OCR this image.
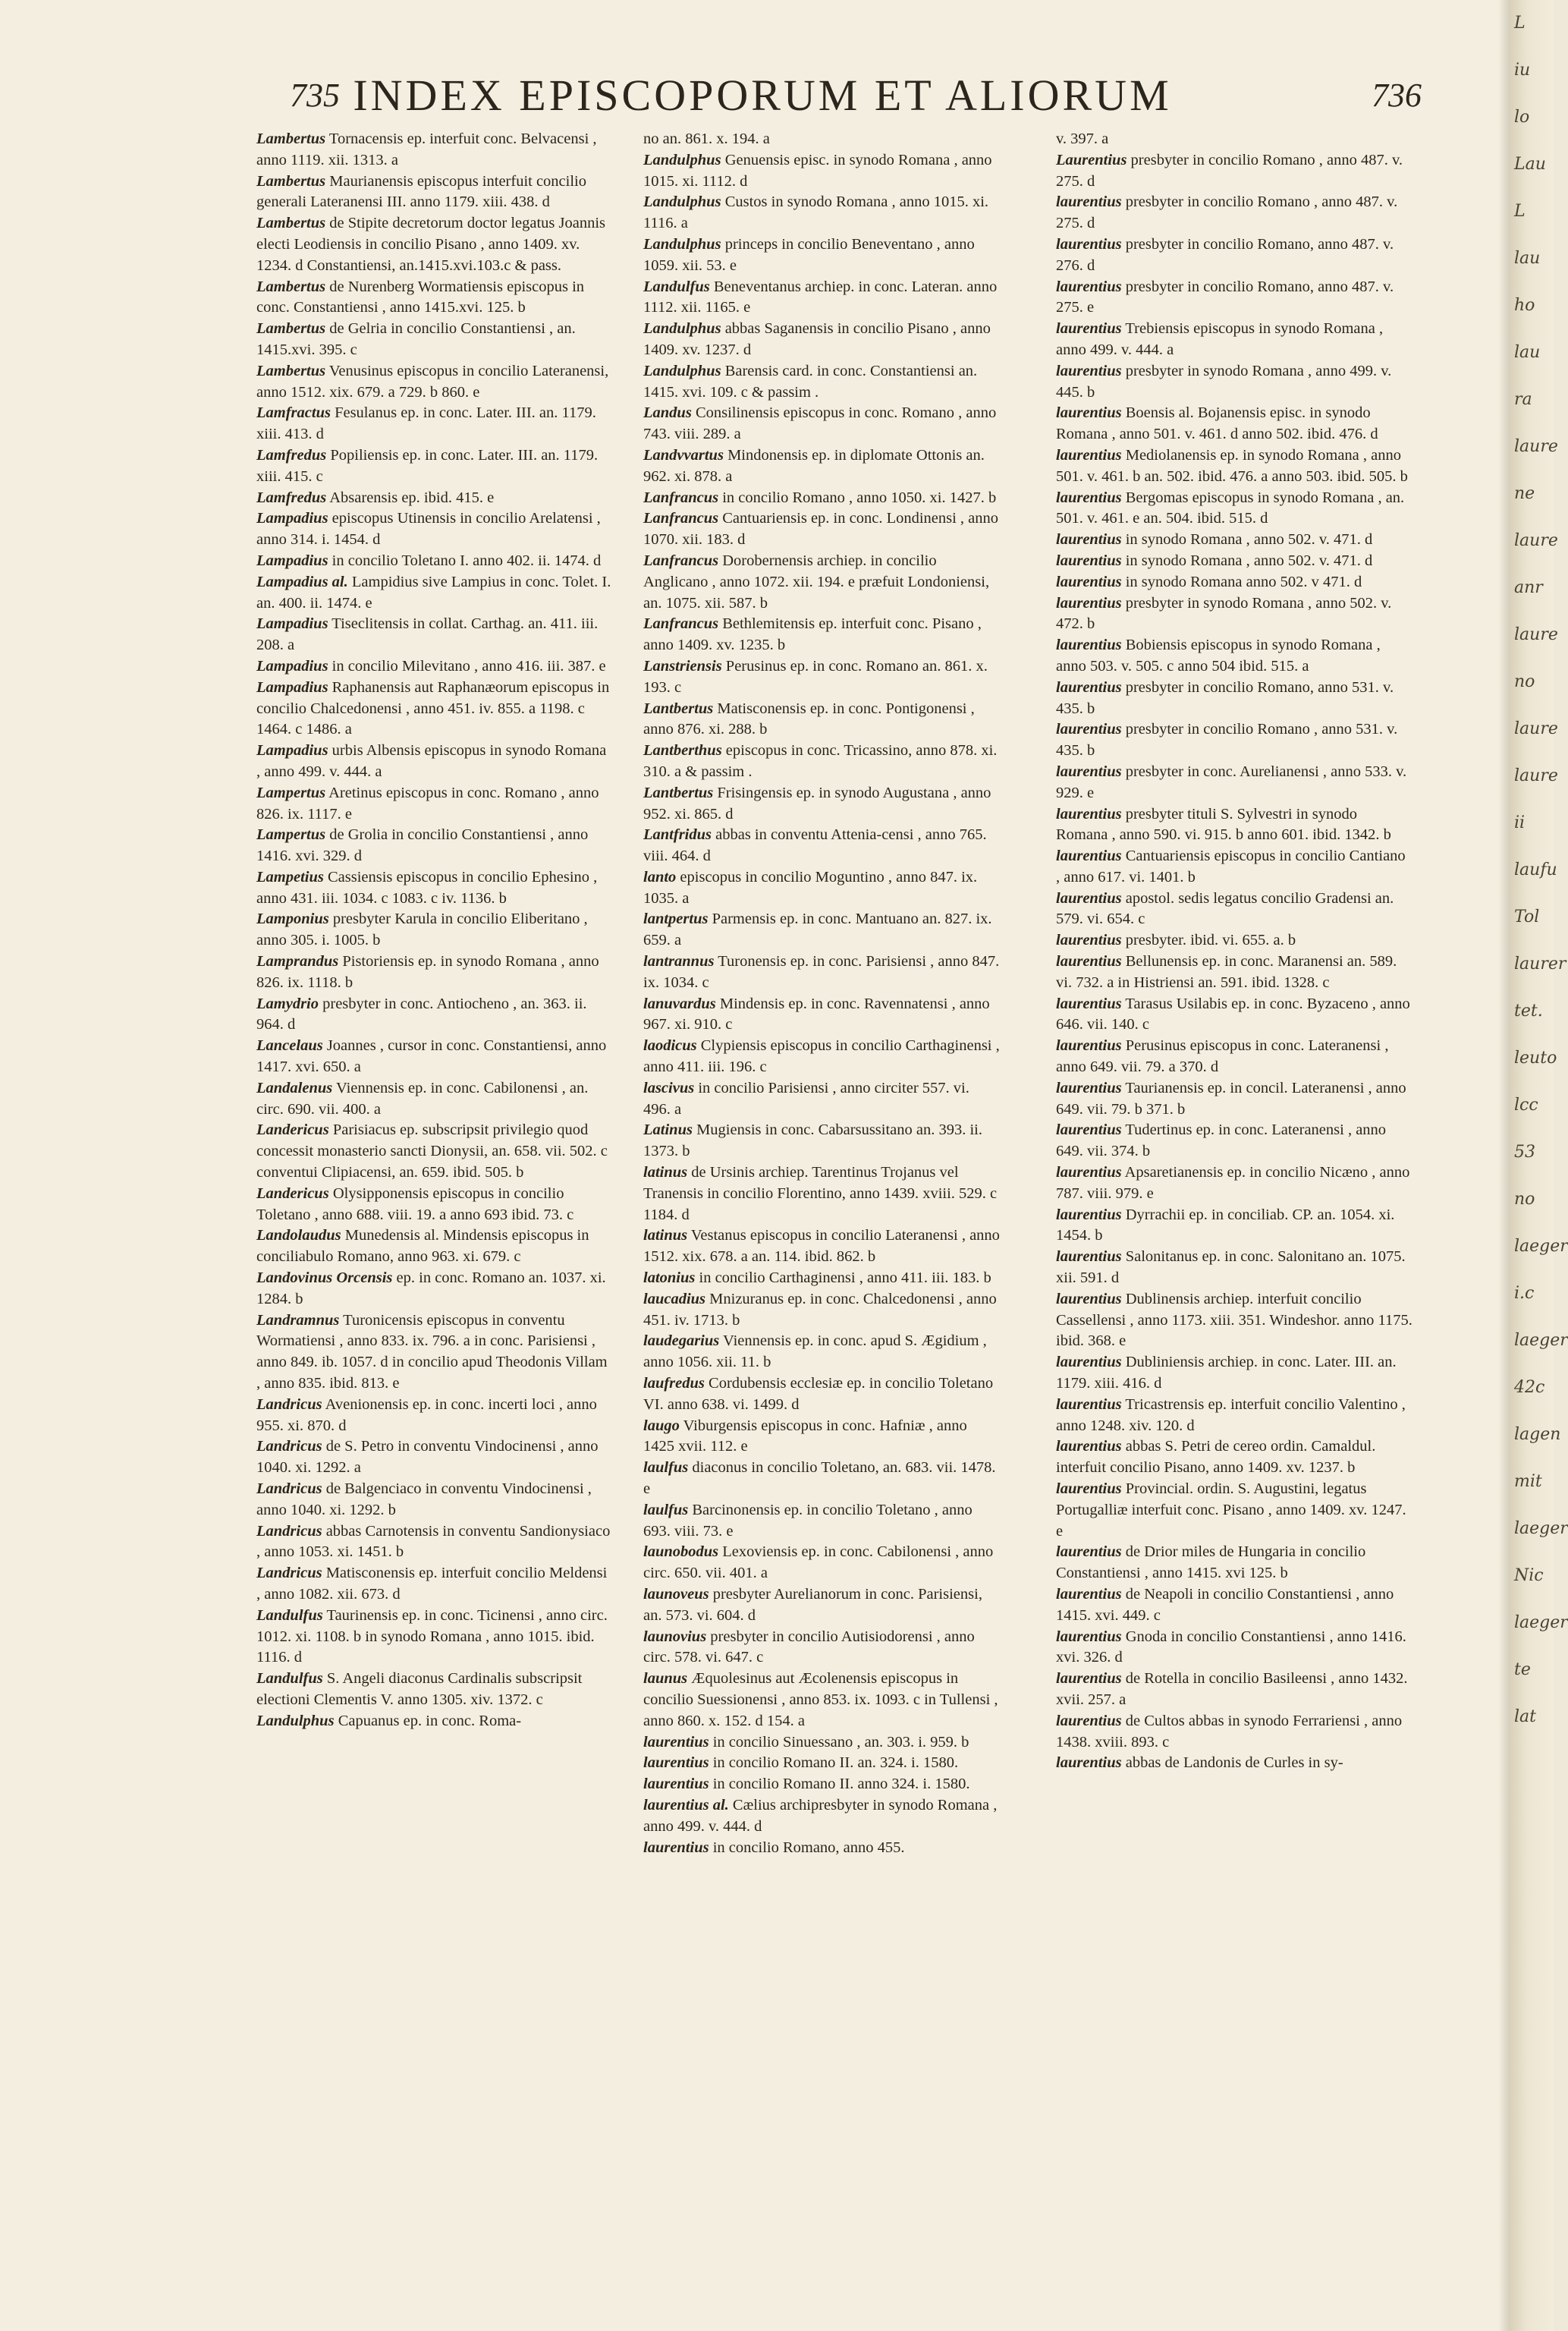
735 INDEX EPISCOPORUM ET ALIORUM	736

Lambertus Tornacensis ep. interfuit conc. Belvacensi , anno 1119. xii. 1313. a

Lambertus Maurianensis episcopus interfuit concilio generali Lateranensi III. anno 1179. xiii. 438. d

Lambertus de Stipite decretorum doctor legatus Joannis electi Leodiensis in concilio Pisano , anno 1409. xv. 1234. d Constantiensi, an.1415.xvi.103.c & pass.

Lambertus de Nurenberg Wormatiensis episcopus in conc. Constantiensi , anno 1415.xvi. 125. b

Lambertus de Gelria in concilio Constantiensi , an. 1415.xvi. 395. c

Lambertus Venusinus episcopus in concilio Lateranensi, anno 1512. xix. 679. a 729. b 860. e

Lamfractus Fesulanus ep. in conc. Later. III. an. 1179. xiii. 413. d

Lamfredus Popiliensis ep. in conc. Later. III. an. 1179. xiii. 415. c

Lamfredus Absarensis ep. ibid. 415. e

Lampadius episcopus Utinensis in concilio Arelatensi , anno 314. i. 1454. d

Lampadius in concilio Toletano I. anno 402. ii. 1474. d

Lampadius al. Lampidius sive Lampius in conc. Tolet. I. an. 400. ii. 1474. e

Lampadius Tiseclitensis in collat. Carthag. an. 411. iii. 208. a

Lampadius in concilio Milevitano , anno 416. iii. 387. e

Lampadius Raphanensis aut Raphanæorum episcopus in concilio Chalcedonensi , anno 451. iv. 855. a 1198. c 1464. c 1486. a

Lampadius urbis Albensis episcopus in synodo Romana , anno 499. v. 444. a

Lampertus Aretinus episcopus in conc. Romano , anno 826. ix. 1117. e

Lampertus de Grolia in concilio Constantiensi , anno 1416. xvi. 329. d

Lampetius Cassiensis episcopus in concilio Ephesino , anno 431. iii. 1034. c 1083. c iv. 1136. b

Lamponius presbyter Karula in concilio Eliberitano , anno 305. i. 1005. b

Lamprandus Pistoriensis ep. in synodo Romana , anno 826. ix. 1118. b

Lamydrio presbyter in conc. Antiocheno , an. 363. ii. 964. d

Lancelaus Joannes , cursor in conc. Constantiensi, anno 1417. xvi. 650. a

Landalenus Viennensis ep. in conc. Cabilonensi , an. circ. 690. vii. 400. a

Landericus Parisiacus ep. subscripsit privilegio quod concessit monasterio sancti Dionysii, an. 658. vii. 502. c conventui Clipiacensi, an. 659. ibid. 505. b

Landericus Olysipponensis episcopus in concilio Toletano , anno 688. viii. 19. a anno 693 ibid. 73. c

Landolaudus Munedensis al. Mindensis episcopus in conciliabulo Romano, anno 963. xi. 679. c

Landovinus Orcensis ep. in conc. Romano an. 1037. xi. 1284. b

Landramnus Turonicensis episcopus in conventu Wormatiensi , anno 833. ix. 796. a in conc. Parisiensi , anno 849. ib. 1057. d in concilio apud Theodonis Villam , anno 835. ibid. 813. e

Landricus Avenionensis ep. in conc. incerti loci , anno 955. xi. 870. d

Landricus de S. Petro in conventu Vindocinensi , anno 1040. xi. 1292. a

Landricus de Balgenciaco in conventu Vindocinensi , anno 1040. xi. 1292. b

Landricus abbas Carnotensis in conventu Sandionysiaco , anno 1053. xi. 1451. b

Landricus Matisconensis ep. interfuit concilio Meldensi , anno 1082. xii. 673. d

Landulfus Taurinensis ep. in conc. Ticinensi , anno circ. 1012. xi. 1108. b in synodo Romana , anno 1015. ibid. 1116. d

Landulfus S. Angeli diaconus Cardinalis subscripsit electioni Clementis V. anno 1305. xiv. 1372. c

Landulphus Capuanus ep. in conc. Roma-

no an. 861. x. 194. a

Landulphus Genuensis episc. in synodo Romana , anno 1015. xi. 1112. d

Landulphus Custos in synodo Romana , anno 1015. xi. 1116. a

Landulphus princeps in concilio Beneventano , anno 1059. xii. 53. e

Landulfus Beneventanus archiep. in conc. Lateran. anno 1112. xii. 1165. e

Landulphus abbas Saganensis in concilio Pisano , anno 1409. xv. 1237. d

Landulphus Barensis card. in conc. Constantiensi an. 1415. xvi. 109. c & passim .

Landus Consilinensis episcopus in conc. Romano , anno 743. viii. 289. a

Landvvartus Mindonensis ep. in diplomate Ottonis an. 962. xi. 878. a

Lanfrancus in concilio Romano , anno 1050. xi. 1427. b

Lanfrancus Cantuariensis ep. in conc. Londinensi , anno 1070. xii. 183. d

Lanfrancus Dorobernensis archiep. in concilio Anglicano , anno 1072. xii. 194. e præfuit Londoniensi, an. 1075. xii. 587. b

Lanfrancus Bethlemitensis ep. interfuit conc. Pisano , anno 1409. xv. 1235. b

Lanstriensis Perusinus ep. in conc. Romano an. 861. x. 193. c

Lantbertus Matisconensis ep. in conc. Pontigonensi , anno 876. xi. 288. b

Lantberthus episcopus in conc. Tricassino, anno 878. xi. 310. a & passim .

Lantbertus Frisingensis ep. in synodo Augustana , anno 952. xi. 865. d

Lantfridus abbas in conventu Attenia-censi , anno 765. viii. 464. d

lanto episcopus in concilio Moguntino , anno 847. ix. 1035. a

lantpertus Parmensis ep. in conc. Mantuano an. 827. ix. 659. a

lantrannus Turonensis ep. in conc. Parisiensi , anno 847. ix. 1034. c

lanuvardus Mindensis ep. in conc. Ravennatensi , anno 967. xi. 910. c

laodicus Clypiensis episcopus in concilio Carthaginensi , anno 411. iii. 196. c

lascivus in concilio Parisiensi , anno circiter 557. vi. 496. a

Latinus Mugiensis in conc. Cabarsussitano an. 393. ii. 1373. b

latinus de Ursinis archiep. Tarentinus Trojanus vel Tranensis in concilio Florentino, anno 1439. xviii. 529. c 1184. d

latinus Vestanus episcopus in concilio Lateranensi , anno 1512. xix. 678. a an. 114. ibid. 862. b

latonius in concilio Carthaginensi , anno 411. iii. 183. b

laucadius Mnizuranus ep. in conc. Chalcedonensi , anno 451. iv. 1713. b

laudegarius Viennensis ep. in conc. apud S. Ægidium , anno 1056. xii. 11. b

laufredus Cordubensis ecclesiæ ep. in concilio Toletano VI. anno 638. vi. 1499. d

laugo Viburgensis episcopus in conc. Hafniæ , anno 1425 xvii. 112. e

laulfus diaconus in concilio Toletano, an. 683. vii. 1478. e

laulfus Barcinonensis ep. in concilio Toletano , anno 693. viii. 73. e

launobodus Lexoviensis ep. in conc. Cabilonensi , anno circ. 650. vii. 401. a

launoveus presbyter Aurelianorum in conc. Parisiensi, an. 573. vi. 604. d

launovius presbyter in concilio Autisiodorensi , anno circ. 578. vi. 647. c

launus Æquolesinus aut Æcolenensis episcopus in concilio Suessionensi , anno 853. ix. 1093. c in Tullensi , anno 860. x. 152. d 154. a

laurentius in concilio Sinuessano , an. 303. i. 959. b

laurentius in concilio Romano II. an. 324. i. 1580.

laurentius in concilio Romano II. anno 324. i. 1580.

laurentius al. Cælius archipresbyter in synodo Romana , anno 499. v. 444. d

laurentius in concilio Romano, anno 455.

v. 397. a

Laurentius presbyter in concilio Romano , anno 487. v. 275. d

laurentius presbyter in concilio Romano , anno 487. v. 275. d

laurentius presbyter in concilio Romano, anno 487. v. 276. d

laurentius presbyter in concilio Romano, anno 487. v. 275. e

laurentius Trebiensis episcopus in synodo Romana , anno 499. v. 444. a

laurentius presbyter in synodo Romana , anno 499. v. 445. b

laurentius Boensis al. Bojanensis episc. in synodo Romana , anno 501. v. 461. d anno 502. ibid. 476. d

laurentius Mediolanensis ep. in synodo Romana , anno 501. v. 461. b an. 502. ibid. 476. a anno 503. ibid. 505. b

laurentius Bergomas episcopus in synodo Romana , an. 501. v. 461. e an. 504. ibid. 515. d

laurentius in synodo Romana , anno 502. v. 471. d

laurentius in synodo Romana , anno 502. v. 471. d

laurentius in synodo Romana anno 502. v 471. d

laurentius presbyter in synodo Romana , anno 502. v. 472. b

laurentius Bobiensis episcopus in synodo Romana , anno 503. v. 505. c anno 504 ibid. 515. a

laurentius presbyter in concilio Romano, anno 531. v. 435. b

laurentius presbyter in concilio Romano , anno 531. v. 435. b

laurentius presbyter in conc. Aurelianensi , anno 533. v. 929. e

laurentius presbyter tituli S. Sylvestri in synodo Romana , anno 590. vi. 915. b anno 601. ibid. 1342. b

laurentius Cantuariensis episcopus in concilio Cantiano , anno 617. vi. 1401. b

laurentius apostol. sedis legatus concilio Gradensi an. 579. vi. 654. c

laurentius presbyter. ibid. vi. 655. a. b

laurentius Bellunensis ep. in conc. Maranensi an. 589. vi. 732. a in Histriensi an. 591. ibid. 1328. c

laurentius Tarasus Usilabis ep. in conc. Byzaceno , anno 646. vii. 140. c

laurentius Perusinus episcopus in conc. Lateranensi , anno 649. vii. 79. a 370. d

laurentius Taurianensis ep. in concil. Lateranensi , anno 649. vii. 79. b 371. b

laurentius Tudertinus ep. in conc. Lateranensi , anno 649. vii. 374. b

laurentius Apsaretianensis ep. in concilio Nicæno , anno 787. viii. 979. e

laurentius Dyrrachii ep. in conciliab. CP. an. 1054. xi. 1454. b

laurentius Salonitanus ep. in conc. Salonitano an. 1075. xii. 591. d

laurentius Dublinensis archiep. interfuit concilio Cassellensi , anno 1173. xiii. 351. Windeshor. anno 1175. ibid. 368. e

laurentius Dubliniensis archiep. in conc. Later. III. an. 1179. xiii. 416. d

laurentius Tricastrensis ep. interfuit concilio Valentino , anno 1248. xiv. 120. d

laurentius abbas S. Petri de cereo ordin. Camaldul. interfuit concilio Pisano, anno 1409. xv. 1237. b

laurentius Provincial. ordin. S. Augustini, legatus Portugalliæ interfuit conc. Pisano , anno 1409. xv. 1247. e

laurentius de Drior miles de Hungaria in concilio Constantiensi , anno 1415. xvi 125. b

laurentius de Neapoli in concilio Constantiensi , anno 1415. xvi. 449. c

laurentius Gnoda in concilio Constantiensi , anno 1416. xvi. 326. d

laurentius de Rotella in concilio Basileensi , anno 1432. xvii. 257. a

laurentius de Cultos abbas in synodo Ferrariensi , anno 1438. xviii. 893. c

laurentius abbas de Landonis de Curles in sy-

L
iu
lo
Lau
L
lau
ho
lau
ra
laure
ne
laure
anr
laure
no
laure
laure
ii
laufu
Tol
laurer
tet.
leuto
lcc
53
no
laeger
i.c
laeger
42c
lagen
mit
laeger
Nic
laeger
te
lat
